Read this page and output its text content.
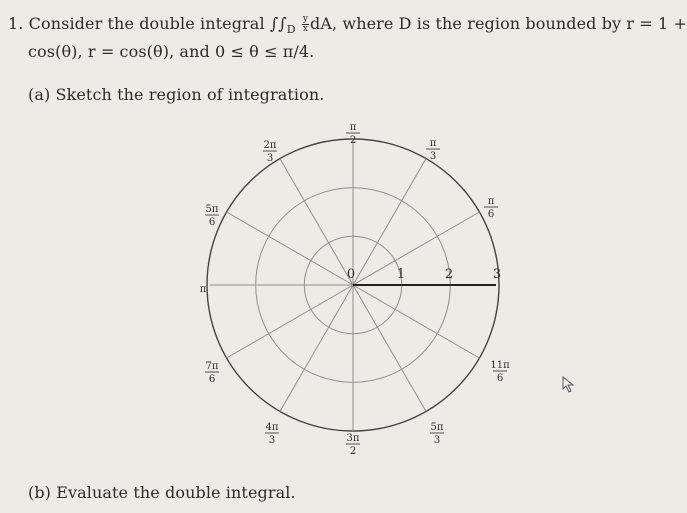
1. Consider the double integral $\int\int_D \frac{y}{x}$ dA, where D is the region bounded by r = 1 +
cos(θ), r = cos(θ), and 0 ≤ θ ≤ π/4.
(a) Sketch the region of integration.
π
2	π
3
π
6
11π
6
5π
3
3π
2
4π
3
7π
6
π
5π
6
2π
3
0	1	2	3
(b) Evaluate the double integral.
